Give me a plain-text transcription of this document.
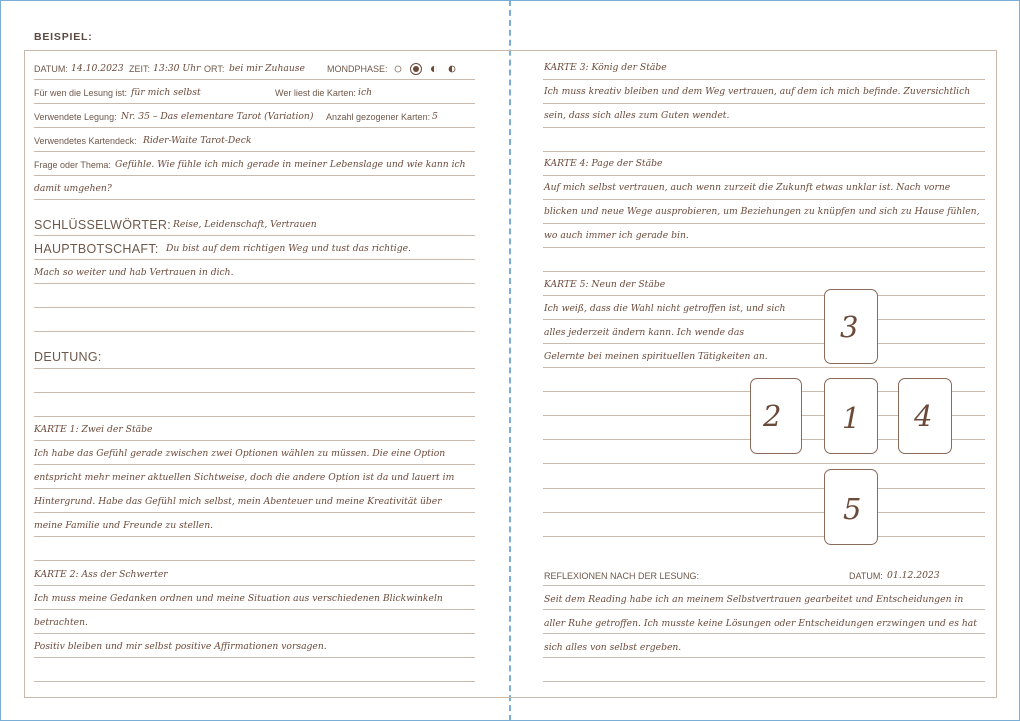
BEISPIEL:
DATUM: 14.10.2023 ZEIT: 13:30 Uhr ORT: bei mir Zuhause MONDPHASE:
Für wen die Lesung ist: für mich selbst	Wer liest die Karten: ich
Verwendete Legung: Nr. 35 – Das elementare Tarot (Variation) Anzahl gezogener Karten: 5
Verwendetes Kartendeck: Rider-Waite Tarot-Deck
Frage oder Thema: Gefühle. Wie fühle ich mich gerade in meiner Lebenslage und wie kann ich
damit umgehen?
SCHLÜSSELWÖRTER: Reise, Leidenschaft, Vertrauen
HAUPTBOTSCHAFT: Du bist auf dem richtigen Weg und tust das richtige.
Mach so weiter und hab Vertrauen in dich.
DEUTUNG:
KARTE 1: Zwei der Stäbe
Ich habe das Gefühl gerade zwischen zwei Optionen wählen zu müssen. Die eine Option
entspricht mehr meiner aktuellen Sichtweise, doch die andere Option ist da und lauert im
Hintergrund. Habe das Gefühl mich selbst, mein Abenteuer und meine Kreativität über
meine Familie und Freunde zu stellen.
KARTE 2: Ass der Schwerter
Ich muss meine Gedanken ordnen und meine Situation aus verschiedenen Blickwinkeln
betrachten.
Positiv bleiben und mir selbst positive Affirmationen vorsagen.
KARTE 3: König der Stäbe
Ich muss kreativ bleiben und dem Weg vertrauen, auf dem ich mich befinde. Zuversichtlich
sein, dass sich alles zum Guten wendet.
KARTE 4: Page der Stäbe
Auf mich selbst vertrauen, auch wenn zurzeit die Zukunft etwas unklar ist. Nach vorne
blicken und neue Wege ausprobieren, um Beziehungen zu knüpfen und sich zu Hause fühlen,
wo auch immer ich gerade bin.
KARTE 5: Neun der Stäbe
Ich weiß, dass die Wahl nicht getroffen ist, und sich
alles jederzeit ändern kann. Ich wende das
Gelernte bei meinen spirituellen Tätigkeiten an.
3
2 1 4
5
REFLEXIONEN NACH DER LESUNG:	DATUM: 01.12.2023
Seit dem Reading habe ich an meinem Selbstvertrauen gearbeitet und Entscheidungen in
aller Ruhe getroffen. Ich musste keine Lösungen oder Entscheidungen erzwingen und es hat
sich alles von selbst ergeben.
